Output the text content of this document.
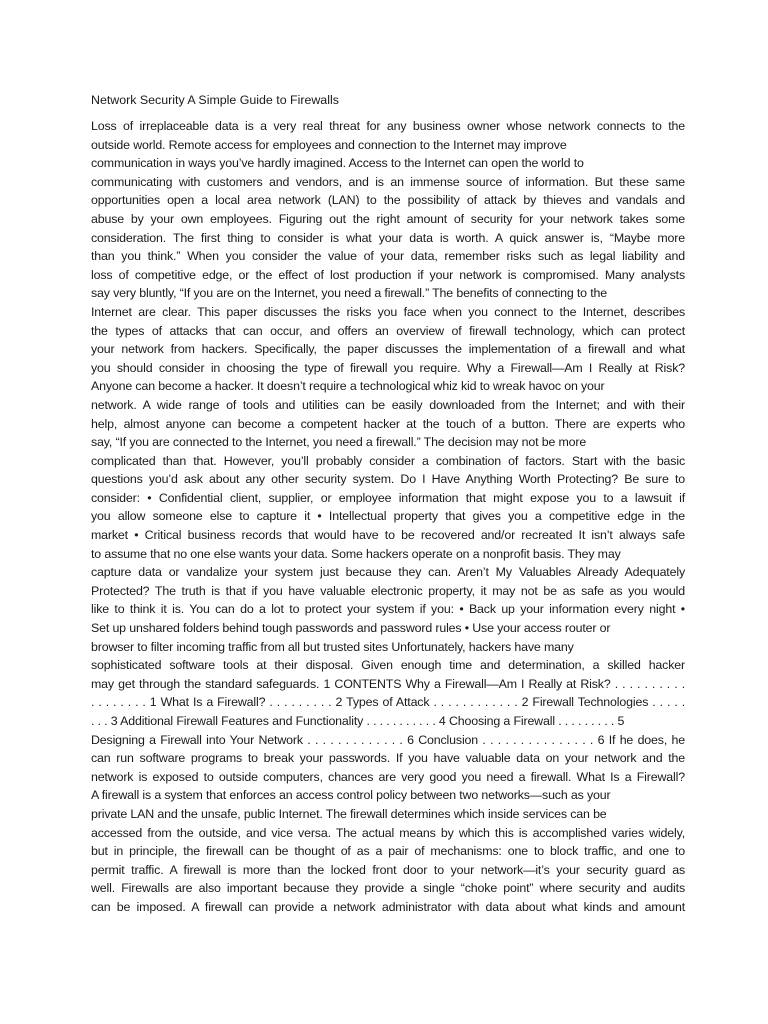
Network Security A Simple Guide to Firewalls
Loss of irreplaceable data is a very real threat for any business owner whose network connects to the
outside world. Remote access for employees and connection to the Internet may improve
communication in ways you’ve hardly imagined. Access to the Internet can open the world to
communicating with customers and vendors, and is an immense source of information. But these same
opportunities open a local area network (LAN) to the possibility of attack by thieves and vandals and
abuse by your own employees. Figuring out the right amount of security for your network takes some
consideration. The first thing to consider is what your data is worth. A quick answer is, “Maybe more
than you think.” When you consider the value of your data, remember risks such as legal liability and
loss of competitive edge, or the effect of lost production if your network is compromised. Many analysts
say very bluntly, “If you are on the Internet, you need a firewall.” The benefits of connecting to the
Internet are clear. This paper discusses the risks you face when you connect to the Internet, describes
the types of attacks that can occur, and offers an overview of firewall technology, which can protect
your network from hackers. Specifically, the paper discusses the implementation of a firewall and what
you should consider in choosing the type of firewall you require. Why a Firewall—Am I Really at Risk?
Anyone can become a hacker. It doesn’t require a technological whiz kid to wreak havoc on your
network. A wide range of tools and utilities can be easily downloaded from the Internet; and with their
help, almost anyone can become a competent hacker at the touch of a button. There are experts who
say, “If you are connected to the Internet, you need a firewall.” The decision may not be more
complicated than that. However, you’ll probably consider a combination of factors. Start with the basic
questions you’d ask about any other security system. Do I Have Anything Worth Protecting? Be sure to
consider: • Confidential client, supplier, or employee information that might expose you to a lawsuit if
you allow someone else to capture it • Intellectual property that gives you a competitive edge in the
market • Critical business records that would have to be recovered and/or recreated It isn’t always safe
to assume that no one else wants your data. Some hackers operate on a nonprofit basis. They may
capture data or vandalize your system just because they can. Aren’t My Valuables Already Adequately
Protected? The truth is that if you have valuable electronic property, it may not be as safe as you would
like to think it is. You can do a lot to protect your system if you: • Back up your information every night •
Set up unshared folders behind tough passwords and password rules • Use your access router or
browser to filter incoming traffic from all but trusted sites Unfortunately, hackers have many
sophisticated software tools at their disposal. Given enough time and determination, a skilled hacker
may get through the standard safeguards. 1 CONTENTS Why a Firewall—Am I Really at Risk? . . . . . . . . . .
. . . . . . . . 1 What Is a Firewall? . . . . . . . . . 2 Types of Attack . . . . . . . . . . . . 2 Firewall Technologies . . . . .
. . . 3 Additional Firewall Features and Functionality . . . . . . . . . . . 4 Choosing a Firewall . . . . . . . . . 5
Designing a Firewall into Your Network . . . . . . . . . . . . . 6 Conclusion . . . . . . . . . . . . . . . 6 If he does, he
can run software programs to break your passwords. If you have valuable data on your network and the
network is exposed to outside computers, chances are very good you need a firewall. What Is a Firewall?
A firewall is a system that enforces an access control policy between two networks—such as your
private LAN and the unsafe, public Internet. The firewall determines which inside services can be
accessed from the outside, and vice versa. The actual means by which this is accomplished varies widely,
but in principle, the firewall can be thought of as a pair of mechanisms: one to block traffic, and one to
permit traffic. A firewall is more than the locked front door to your network—it’s your security guard as
well. Firewalls are also important because they provide a single “choke point” where security and audits
can be imposed. A firewall can provide a network administrator with data about what kinds and amount
